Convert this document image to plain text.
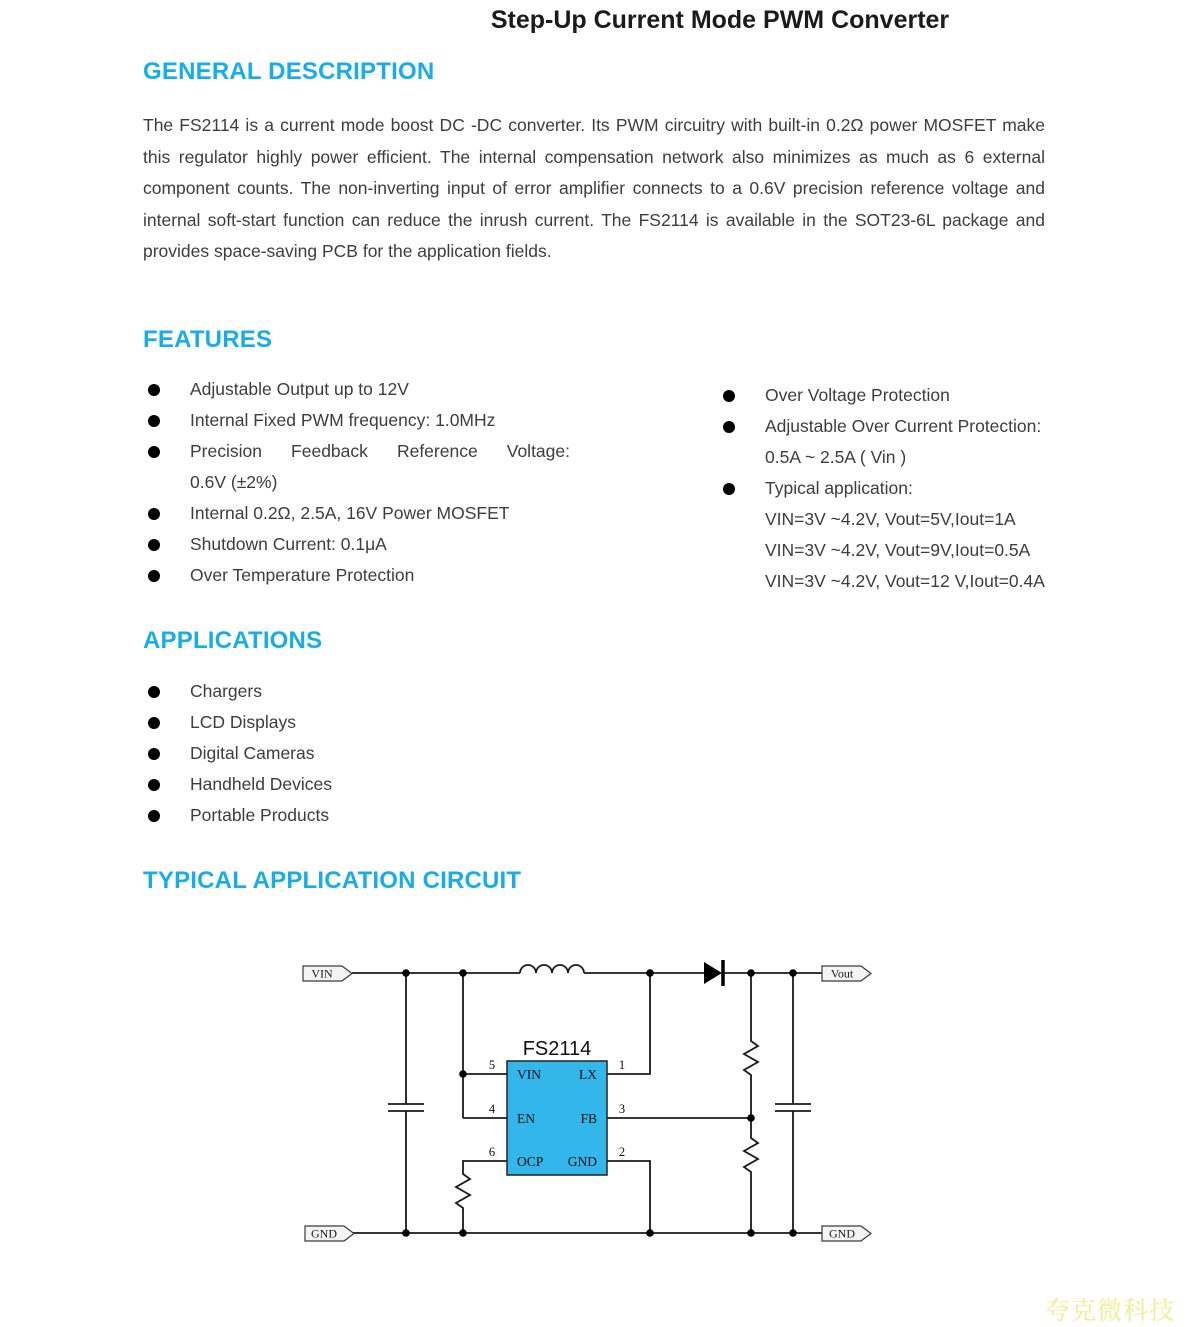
Step-Up Current Mode PWM Converter
GENERAL DESCRIPTION
The FS2114 is a current mode boost DC -DC converter. Its PWM circuitry with built-in 0.2Ω power MOSFET make this regulator highly power efficient. The internal compensation network also minimizes as much as 6 external component counts. The non-inverting input of error amplifier connects to a 0.6V precision reference voltage and internal soft-start function can reduce the inrush current. The FS2114 is available in the SOT23-6L package and provides space-saving PCB for the application fields.
FEATURES
Adjustable Output up to 12V
Internal Fixed PWM frequency: 1.0MHz
Precision Feedback Reference Voltage:
0.6V (±2%)
Internal 0.2Ω, 2.5A, 16V Power MOSFET
Shutdown Current: 0.1μA
Over Temperature Protection
Over Voltage Protection
Adjustable Over Current Protection:
0.5A ~ 2.5A ( Vin )
Typical application:
VIN=3V ~4.2V, Vout=5V,Iout=1A
VIN=3V ~4.2V, Vout=9V,Iout=0.5A
VIN=3V ~4.2V, Vout=12 V,Iout=0.4A
APPLICATIONS
Chargers
LCD Displays
Digital Cameras
Handheld Devices
Portable Products
TYPICAL APPLICATION CIRCUIT
FS2114
VIN	LX
EN	FB
OCP GND
5	1
4	3
6	2
VIN	Vout
GND	GND
夸克微科技
